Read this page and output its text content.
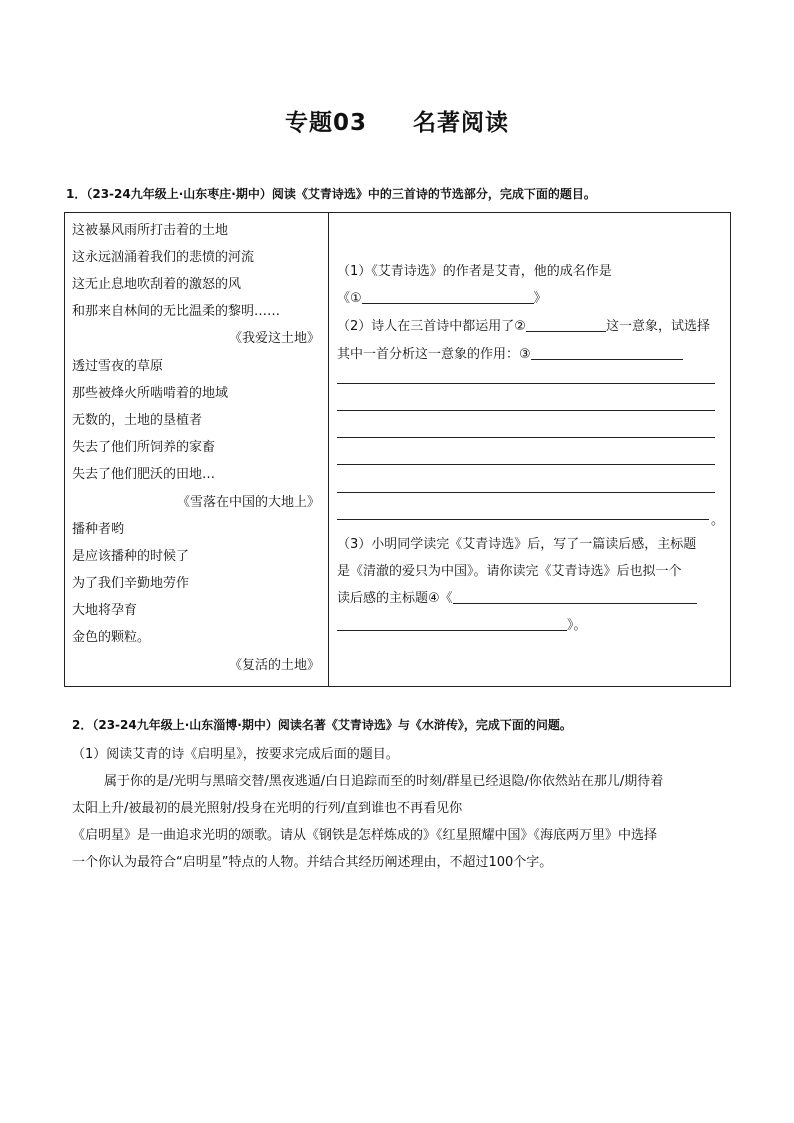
专题03 名著阅读
1．（23-24九年级上·山东枣庄·期中）阅读《艾青诗选》中的三首诗的节选部分，完成下面的题目。
这被暴风雨所打击着的土地
这永远汹涌着我们的悲愤的河流
这无止息地吹刮着的激怒的风
和那来自林间的无比温柔的黎明……
《我爱这土地》
透过雪夜的草原
那些被烽火所啮啃着的地域
无数的，土地的垦植者
失去了他们所饲养的家畜
失去了他们肥沃的田地…
《雪落在中国的大地上》
播种者哟
是应该播种的时候了
为了我们辛勤地劳作
大地将孕育
金色的颗粒。
《复活的土地》

（1）《艾青诗选》的作者是艾青，他的成名作是
《①	》
（2）诗人在三首诗中都运用了②	这一意象，试选择
其中一首分析这一意象的作用：③
。
（3）小明同学读完《艾青诗选》后，写了一篇读后感，主标题
是《清澈的爱只为中国》。请你读完《艾青诗选》后也拟一个
读后感的主标题④《
》。
2．（23-24九年级上·山东淄博·期中）阅读名著《艾青诗选》与《水浒传》，完成下面的问题。
（1）阅读艾青的诗《启明星》，按要求完成后面的题目。
属于你的是/光明与黑暗交替/黑夜逃遁/白日追踪而至的时刻/群星已经退隐/你依然站在那儿/期待着
太阳上升/被最初的晨光照射/投身在光明的行列/直到谁也不再看见你
《启明星》是一曲追求光明的颂歌。请从《钢铁是怎样炼成的》《红星照耀中国》《海底两万里》中选择
一个你认为最符合“启明星”特点的人物。并结合其经历阐述理由，不超过100个字。
